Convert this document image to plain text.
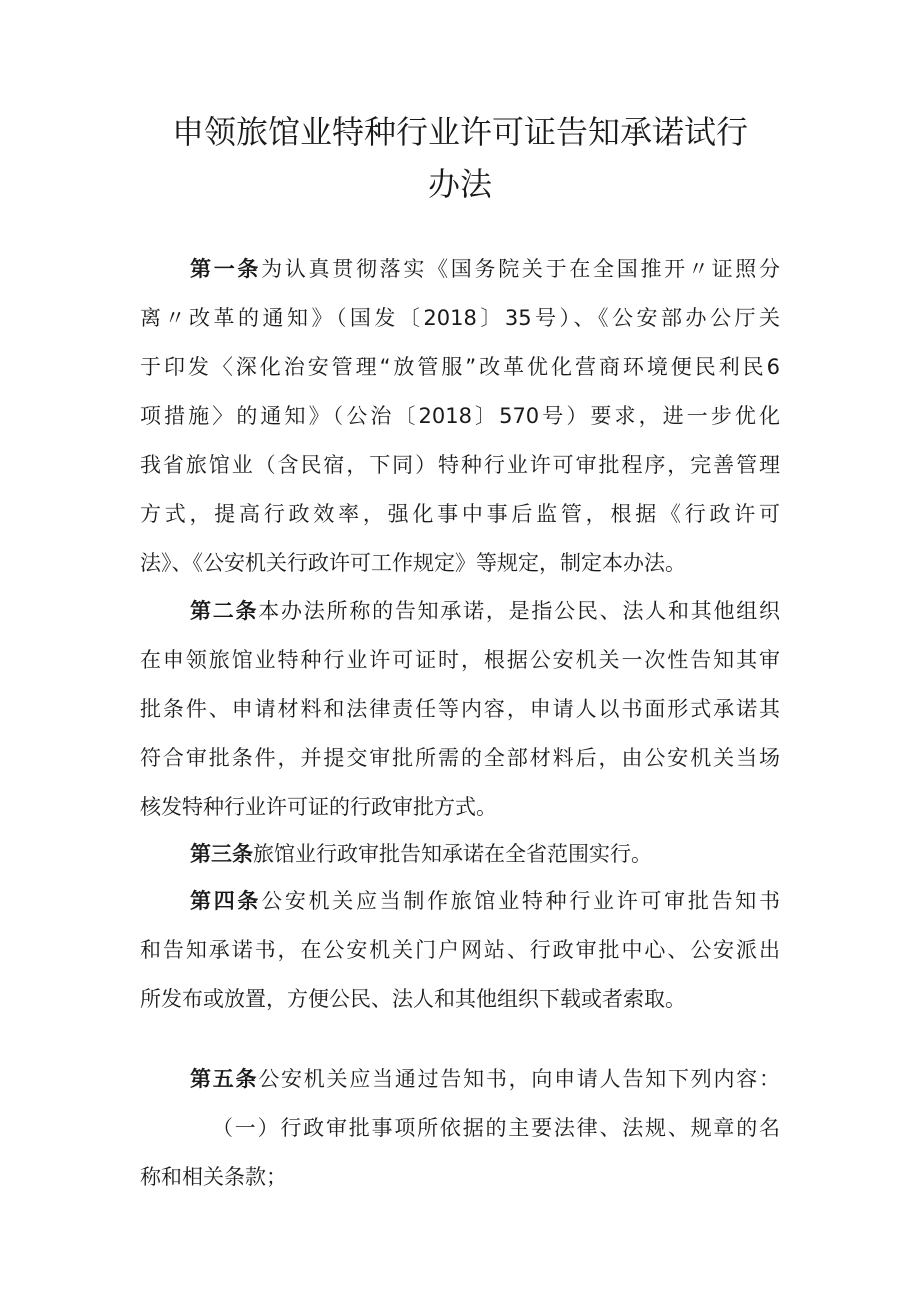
申领旅馆业特种行业许可证告知承诺试行
办法
第一条为认真贯彻落实《国务院关于在全国推开〃证照分
离〃改革的通知》（国发〔2018〕35号）、《公安部办公厅关
于印发〈深化治安管理“放管服”改革优化营商环境便民利民6
项措施〉的通知》（公治〔2018〕570号）要求，进一步优化
我省旅馆业（含民宿，下同）特种行业许可审批程序，完善管理
方式，提高行政效率，强化事中事后监管，根据《行政许可
法》、《公安机关行政许可工作规定》等规定，制定本办法。
第二条本办法所称的告知承诺，是指公民、法人和其他组织
在申领旅馆业特种行业许可证时，根据公安机关一次性告知其审
批条件、申请材料和法律责任等内容，申请人以书面形式承诺其
符合审批条件，并提交审批所需的全部材料后，由公安机关当场
核发特种行业许可证的行政审批方式。
第三条旅馆业行政审批告知承诺在全省范围实行。
第四条公安机关应当制作旅馆业特种行业许可审批告知书
和告知承诺书，在公安机关门户网站、行政审批中心、公安派出
所发布或放置，方便公民、法人和其他组织下载或者索取。
第五条公安机关应当通过告知书，向申请人告知下列内容：
（一）行政审批事项所依据的主要法律、法规、规章的名
称和相关条款；
